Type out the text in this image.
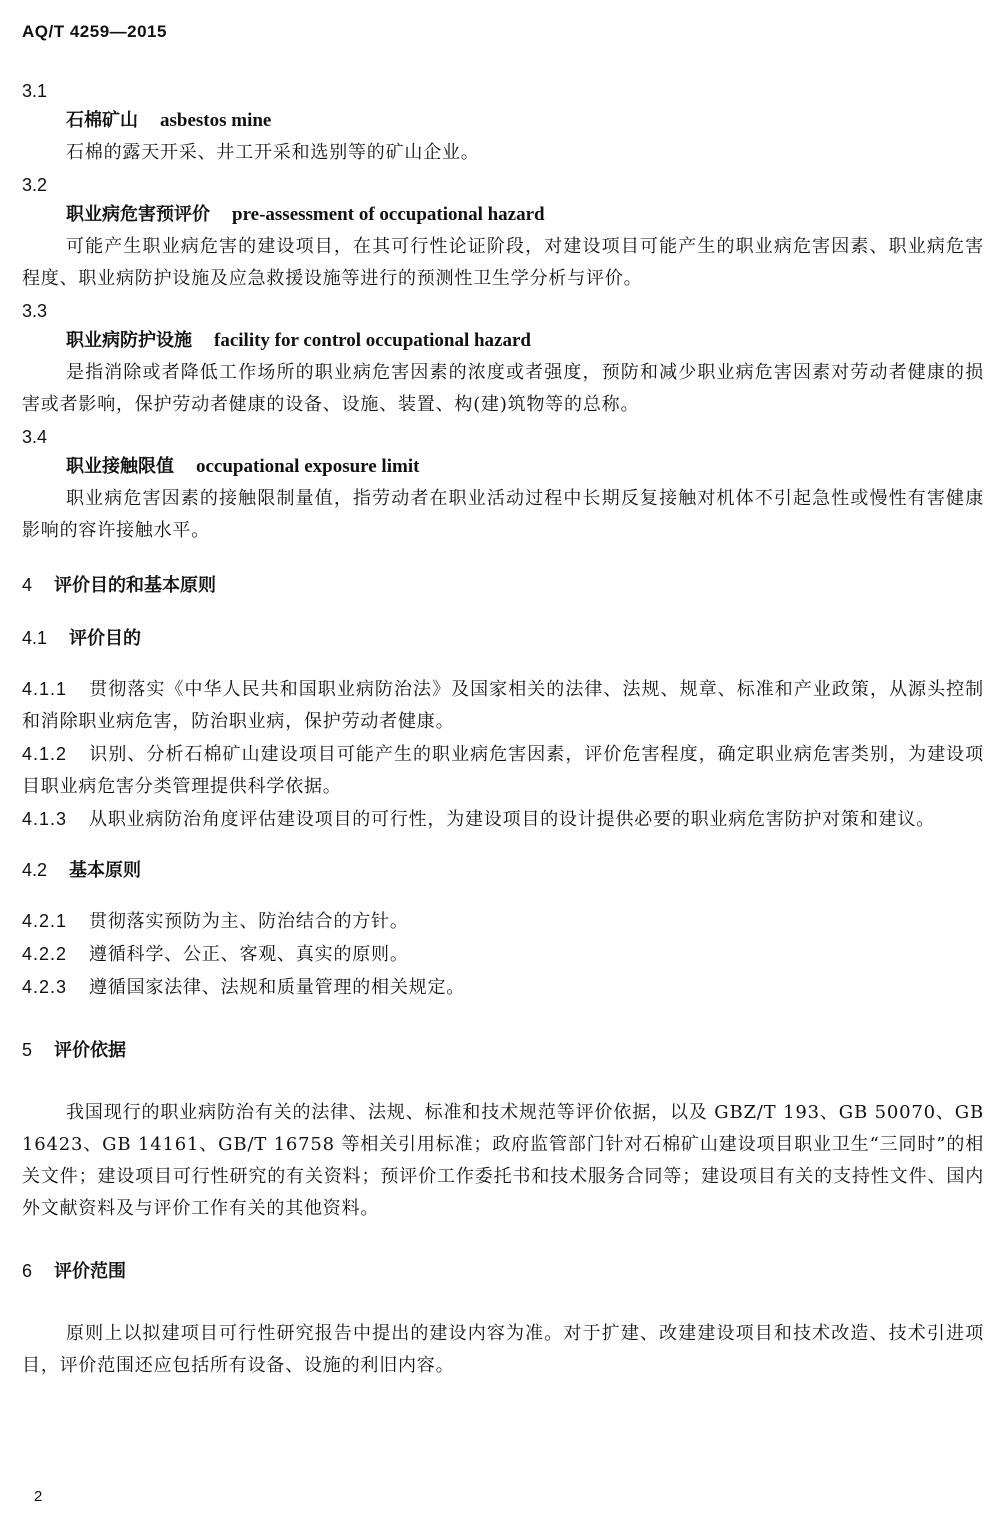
AQ/T 4259—2015
3.1
石棉矿山 asbestos mine

石棉的露天开采、井工开采和选别等的矿山企业。

3.2
职业病危害预评价 pre-assessment of occupational hazard

可能产生职业病危害的建设项目，在其可行性论证阶段，对建设项目可能产生的职业病危害因素、职业病危害程度、职业病防护设施及应急救援设施等进行的预测性卫生学分析与评价。

3.3
职业病防护设施 facility for control occupational hazard

是指消除或者降低工作场所的职业病危害因素的浓度或者强度，预防和减少职业病危害因素对劳动者健康的损害或者影响，保护劳动者健康的设备、设施、装置、构(建)筑物等的总称。

3.4
职业接触限值 occupational exposure limit

职业病危害因素的接触限制量值，指劳动者在职业活动过程中长期反复接触对机体不引起急性或慢性有害健康影响的容许接触水平。

4 评价目的和基本原则
4.1 评价目的

4.1.1 贯彻落实《中华人民共和国职业病防治法》及国家相关的法律、法规、规章、标准和产业政策，从源头控制和消除职业病危害，防治职业病，保护劳动者健康。

4.1.2 识别、分析石棉矿山建设项目可能产生的职业病危害因素，评价危害程度，确定职业病危害类别，为建设项目职业病危害分类管理提供科学依据。

4.1.3 从职业病防治角度评估建设项目的可行性，为建设项目的设计提供必要的职业病危害防护对策和建议。

4.2 基本原则

4.2.1 贯彻落实预防为主、防治结合的方针。

4.2.2 遵循科学、公正、客观、真实的原则。

4.2.3 遵循国家法律、法规和质量管理的相关规定。

5 评价依据

我国现行的职业病防治有关的法律、法规、标准和技术规范等评价依据，以及 GBZ/T 193、GB 50070、GB 16423、GB 14161、GB/T 16758 等相关引用标准；政府监管部门针对石棉矿山建设项目职业卫生“三同时”的相关文件；建设项目可行性研究的有关资料；预评价工作委托书和技术服务合同等；建设项目有关的支持性文件、国内外文献资料及与评价工作有关的其他资料。

6 评价范围

原则上以拟建项目可行性研究报告中提出的建设内容为准。对于扩建、改建建设项目和技术改造、技术引进项目，评价范围还应包括所有设备、设施的利旧内容。

2
